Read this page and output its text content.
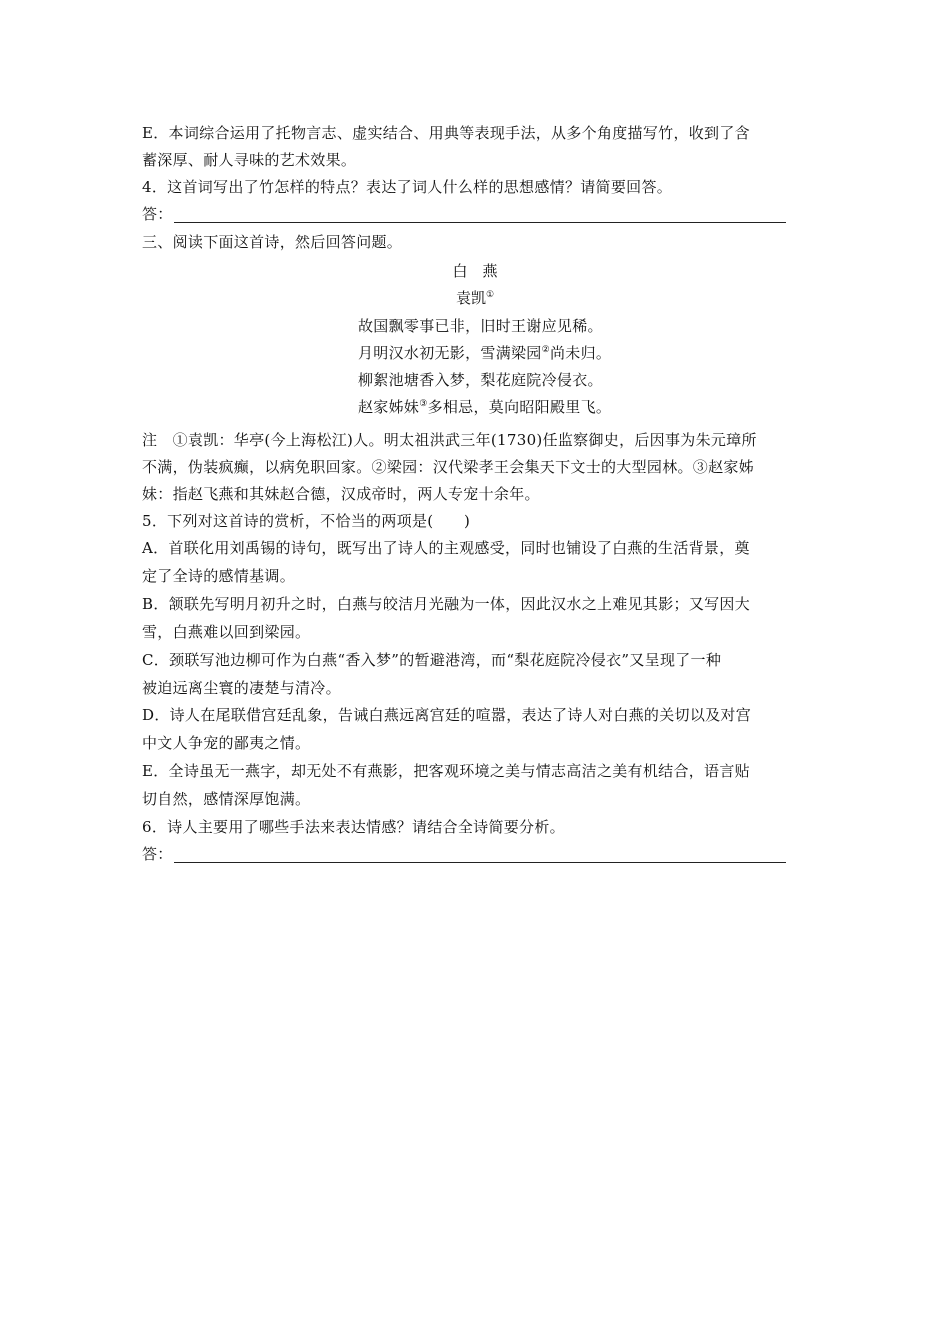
E．本词综合运用了托物言志、虚实结合、用典等表现手法，从多个角度描写竹，收到了含
蓄深厚、耐人寻味的艺术效果。
4．这首词写出了竹怎样的特点？表达了词人什么样的思想感情？请简要回答。
答：
三、阅读下面这首诗，然后回答问题。
白　燕
袁凯①
故国飘零事已非，旧时王谢应见稀。
月明汉水初无影，雪满梁园②尚未归。
柳絮池塘香入梦，梨花庭院冷侵衣。
赵家姊妹③多相忌，莫向昭阳殿里飞。
注　①袁凯：华亭(今上海松江)人。明太祖洪武三年(1730)任监察御史，后因事为朱元璋所
不满，伪装疯癫，以病免职回家。②梁园：汉代梁孝王会集天下文士的大型园林。③赵家姊
妹：指赵飞燕和其妹赵合德，汉成帝时，两人专宠十余年。
5．下列对这首诗的赏析，不恰当的两项是(　　)
A．首联化用刘禹锡的诗句，既写出了诗人的主观感受，同时也铺设了白燕的生活背景，奠
定了全诗的感情基调。
B．颔联先写明月初升之时，白燕与皎洁月光融为一体，因此汉水之上难见其影；又写因大
雪，白燕难以回到梁园。
C．颈联写池边柳可作为白燕“香入梦”的暂避港湾，而“梨花庭院冷侵衣”又呈现了一种
被迫远离尘寰的凄楚与清冷。
D．诗人在尾联借宫廷乱象，告诫白燕远离宫廷的喧嚣，表达了诗人对白燕的关切以及对宫
中文人争宠的鄙夷之情。
E．全诗虽无一燕字，却无处不有燕影，把客观环境之美与情志高洁之美有机结合，语言贴
切自然，感情深厚饱满。
6．诗人主要用了哪些手法来表达情感？请结合全诗简要分析。
答：
